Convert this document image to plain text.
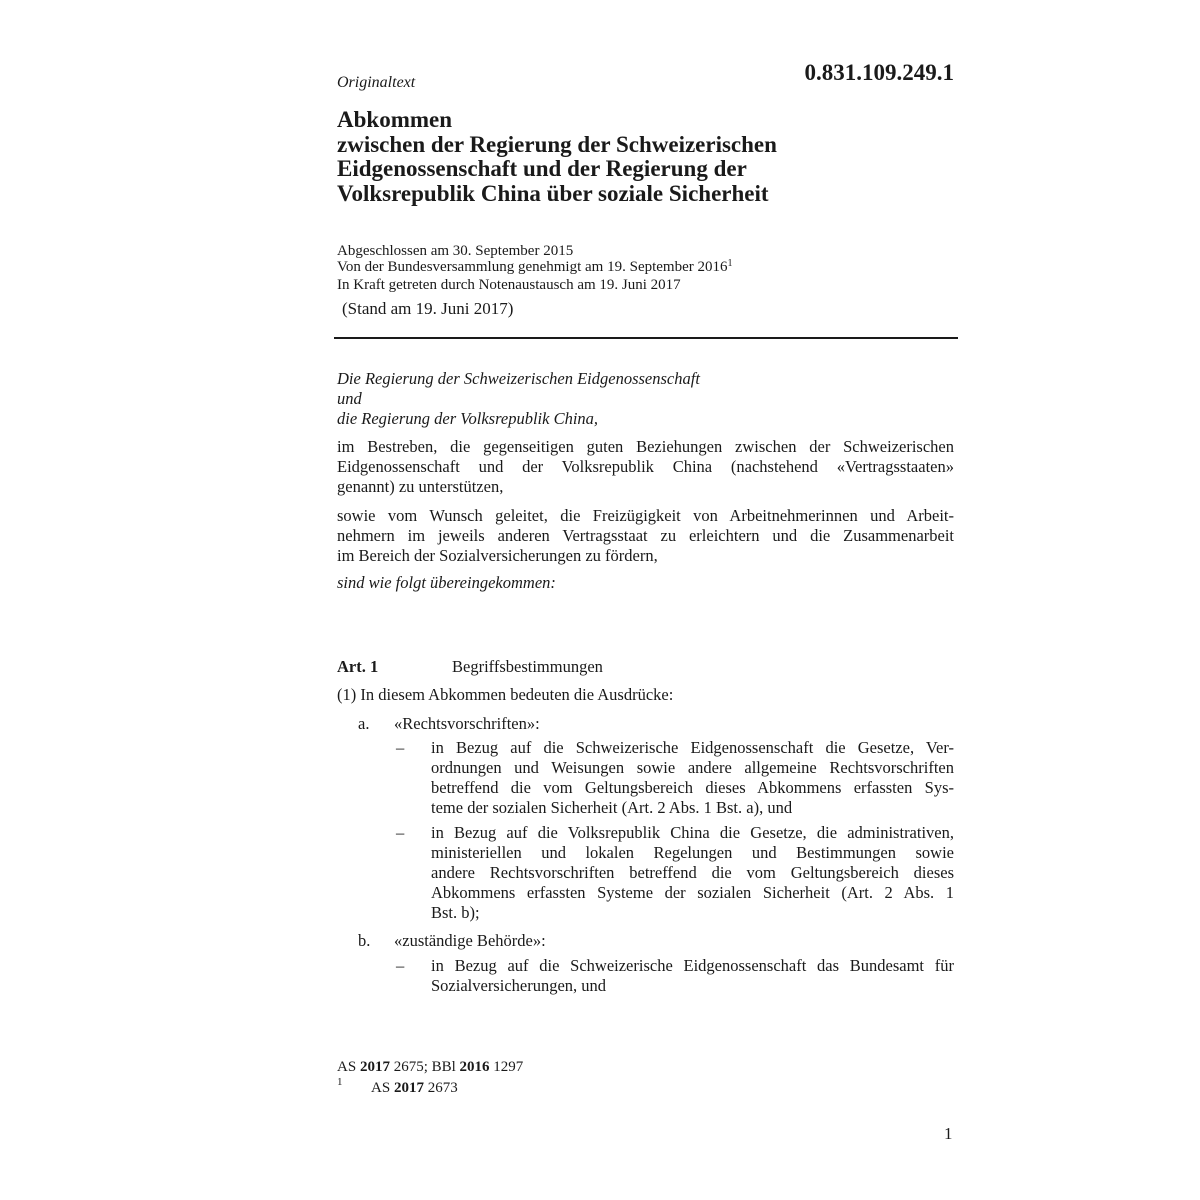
Originaltext	0.831.109.249.1
Abkommen
zwischen der Regierung der Schweizerischen
Eidgenossenschaft und der Regierung der
Volksrepublik China über soziale Sicherheit
Abgeschlossen am 30. September 2015
Von der Bundesversammlung genehmigt am 19. September 2016$^1$
In Kraft getreten durch Notenaustausch am 19. Juni 2017
(Stand am 19. Juni 2017)
Die Regierung der Schweizerischen Eidgenossenschaft
und
die Regierung der Volksrepublik China,
im Bestreben, die gegenseitigen guten Beziehungen zwischen der Schweizerischen
Eidgenossenschaft und der Volksrepublik China (nachstehend «Vertragsstaaten»
genannt) zu unterstützen,
sowie vom Wunsch geleitet, die Freizügigkeit von Arbeitnehmerinnen und Arbeit-
nehmern im jeweils anderen Vertragsstaat zu erleichtern und die Zusammenarbeit
im Bereich der Sozialversicherungen zu fördern,
sind wie folgt übereingekommen:
Art. 1	Begriffsbestimmungen
(1) In diesem Abkommen bedeuten die Ausdrücke:
a. «Rechtsvorschriften»:
– in Bezug auf die Schweizerische Eidgenossenschaft die Gesetze, Ver-
ordnungen und Weisungen sowie andere allgemeine Rechtsvorschriften
betreffend die vom Geltungsbereich dieses Abkommens erfassten Sys-
teme der sozialen Sicherheit (Art. 2 Abs. 1 Bst. a), und
– in Bezug auf die Volksrepublik China die Gesetze, die administrativen,
ministeriellen und lokalen Regelungen und Bestimmungen sowie
andere Rechtsvorschriften betreffend die vom Geltungsbereich dieses
Abkommens erfassten Systeme der sozialen Sicherheit (Art. 2 Abs. 1
Bst. b);
b. «zuständige Behörde»:
– in Bezug auf die Schweizerische Eidgenossenschaft das Bundesamt für
Sozialversicherungen, und
AS 2017 2675; BBl 2016 1297
1 AS 2017 2673
1
